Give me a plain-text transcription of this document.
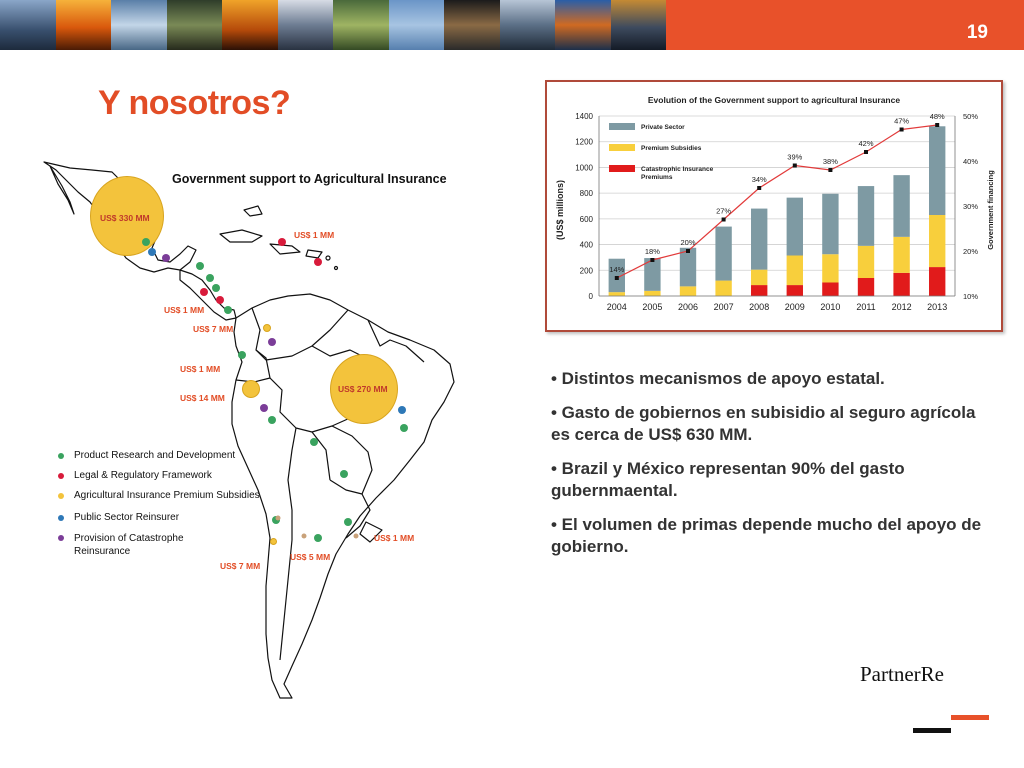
19
Y nosotros?
Government support to Agricultural Insurance
US$ 330 MM
US$ 270 MM
US$ 1 MM
US$ 1 MM
US$ 7 MM
US$ 1 MM
US$ 14 MM
US$ 7 MM
US$ 5 MM
US$ 1 MM
Product Research and Development
Legal & Regulatory Framework
Agricultural Insurance Premium Subsidies
Public Sector Reinsurer
Provision of Catastrophe Reinsurance
Evolution of the Government support to agricultural Insurance
(US$ millions)	Government financing
14%
18%
20%
27%
34%
39%	38%
42%
47%	48%
0
200
400
600
800
1000
1200
1400
10%
20%
30%
40%
50%
2004 2005 2006 2007 2008 2009 2010 2011 2012 2013
Private Sector
Premium Subsidies
Catastrophic Insurance Premiums

• Distintos mecanismos de apoyo estatal.

• Gasto de gobiernos en subisidio al seguro agrícola es cerca de US$ 630 MM.

• Brazil y México representan 90% del gasto gubernmaental.

• El volumen de primas depende mucho del apoyo de gobierno.

PartnerRe
